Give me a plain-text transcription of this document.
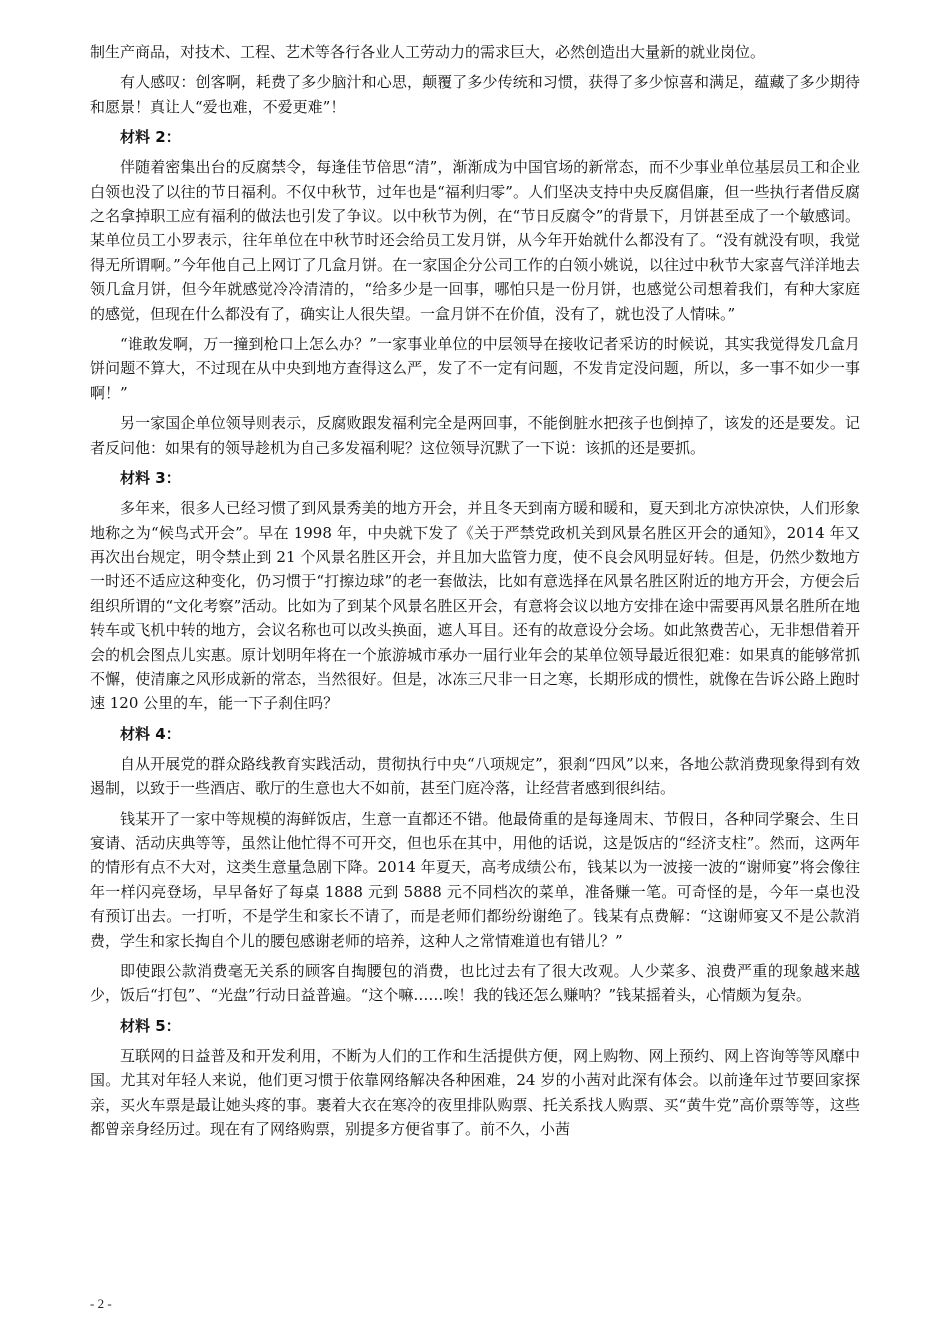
制生产商品，对技术、工程、艺术等各行各业人工劳动力的需求巨大，必然创造出大量新的就业岗位。

有人感叹：创客啊，耗费了多少脑汁和心思，颠覆了多少传统和习惯，获得了多少惊喜和满足，蕴藏了多少期待和愿景！真让人“爱也难，不爱更难”！

材料 2：

伴随着密集出台的反腐禁令，每逢佳节倍思“清”，渐渐成为中国官场的新常态，而不少事业单位基层员工和企业白领也没了以往的节日福利。不仅中秋节，过年也是“福利归零”。人们坚决支持中央反腐倡廉，但一些执行者借反腐之名拿掉职工应有福利的做法也引发了争议。以中秋节为例，在“节日反腐令”的背景下，月饼甚至成了一个敏感词。某单位员工小罗表示，往年单位在中秋节时还会给员工发月饼，从今年开始就什么都没有了。“没有就没有呗，我觉得无所谓啊。”今年他自己上网订了几盒月饼。在一家国企分公司工作的白领小姚说，以往过中秋节大家喜气洋洋地去领几盒月饼，但今年就感觉冷冷清清的，“给多少是一回事，哪怕只是一份月饼，也感觉公司想着我们，有种大家庭的感觉，但现在什么都没有了，确实让人很失望。一盒月饼不在价值，没有了，就也没了人情味。”

“谁敢发啊，万一撞到枪口上怎么办？”一家事业单位的中层领导在接收记者采访的时候说，其实我觉得发几盒月饼问题不算大，不过现在从中央到地方查得这么严，发了不一定有问题，不发肯定没问题，所以，多一事不如少一事啊！”

另一家国企单位领导则表示，反腐败跟发福利完全是两回事，不能倒脏水把孩子也倒掉了，该发的还是要发。记者反问他：如果有的领导趁机为自己多发福利呢？这位领导沉默了一下说：该抓的还是要抓。

材料 3：

多年来，很多人已经习惯了到风景秀美的地方开会，并且冬天到南方暖和暖和，夏天到北方凉快凉快，人们形象地称之为“候鸟式开会”。早在 1998 年，中央就下发了《关于严禁党政机关到风景名胜区开会的通知》，2014 年又再次出台规定，明令禁止到 21 个风景名胜区开会，并且加大监管力度，使不良会风明显好转。但是，仍然少数地方一时还不适应这种变化，仍习惯于“打擦边球”的老一套做法，比如有意选择在风景名胜区附近的地方开会，方便会后组织所谓的“文化考察”活动。比如为了到某个风景名胜区开会，有意将会议以地方安排在途中需要再风景名胜所在地转车或飞机中转的地方，会议名称也可以改头换面，遮人耳目。还有的故意设分会场。如此煞费苦心，无非想借着开会的机会图点儿实惠。原计划明年将在一个旅游城市承办一届行业年会的某单位领导最近很犯难：如果真的能够常抓不懈，使清廉之风形成新的常态，当然很好。但是，冰冻三尺非一日之寒，长期形成的惯性，就像在告诉公路上跑时速 120 公里的车，能一下子刹住吗？

材料 4：

自从开展党的群众路线教育实践活动，贯彻执行中央“八项规定”，狠刹“四风”以来，各地公款消费现象得到有效遏制，以致于一些酒店、歌厅的生意也大不如前，甚至门庭冷落，让经营者感到很纠结。

钱某开了一家中等规模的海鲜饭店，生意一直都还不错。他最倚重的是每逢周末、节假日，各种同学聚会、生日宴请、活动庆典等等，虽然让他忙得不可开交，但也乐在其中，用他的话说，这是饭店的“经济支柱”。然而，这两年的情形有点不大对，这类生意量急剧下降。2014 年夏天，高考成绩公布，钱某以为一波接一波的“谢师宴”将会像往年一样闪亮登场，早早备好了每桌 1888 元到 5888 元不同档次的菜单，准备赚一笔。可奇怪的是，今年一桌也没有预订出去。一打听，不是学生和家长不请了，而是老师们都纷纷谢绝了。钱某有点费解：“这谢师宴又不是公款消费，学生和家长掏自个儿的腰包感谢老师的培养，这种人之常情难道也有错儿？”

即使跟公款消费毫无关系的顾客自掏腰包的消费，也比过去有了很大改观。人少菜多、浪费严重的现象越来越少，饭后“打包”、“光盘”行动日益普遍。“这个嘛……唉！我的钱还怎么赚呐？”钱某摇着头，心情颇为复杂。

材料 5：

互联网的日益普及和开发利用，不断为人们的工作和生活提供方便，网上购物、网上预约、网上咨询等等风靡中国。尤其对年轻人来说，他们更习惯于依靠网络解决各种困难，24 岁的小茜对此深有体会。以前逢年过节要回家探亲，买火车票是最让她头疼的事。裹着大衣在寒冷的夜里排队购票、托关系找人购票、买“黄牛党”高价票等等，这些都曾亲身经历过。现在有了网络购票，别提多方便省事了。前不久，小茜

- 2 -
